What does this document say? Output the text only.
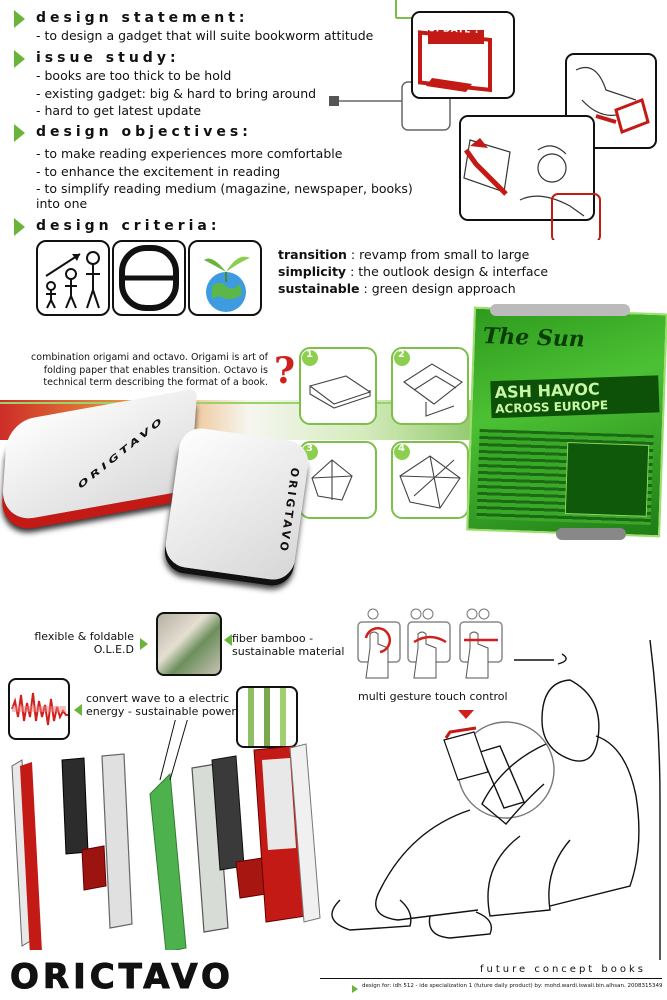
design statement:
- to design a gadget that will suite bookworm attitude
issue study:
- books are too thick to be hold
- existing gadget: big & hard to bring around
- hard to get latest update
design objectives:
- to make reading experiences more comfortable
- to enhance the excitement in reading
- to simplify reading medium (magazine, newspaper, books)
into one
design criteria:
transition : revamp from small to large
simplicity : the outlook design & interface
sustainable : green design approach
UPDATE !
combination origami and octavo. Origami is art of folding paper that enables transition. Octavo is technical term describing the format of a book. ? 1	2
3	4
The Sun
ASH HAVOC
ACROSS EUROPE
ORIGTAVO
ORIGTAVO
multi gesture touch control
flexible & foldable O.L.E.D
fiber bamboo - sustainable material
convert wave to a electric energy - sustainable power
ORICTAVO	future concept books
design for: idh 512 - ide specialization 1 (future daily product) by: mohd.wardi.iswali.bin.alhsan. 2008315349
